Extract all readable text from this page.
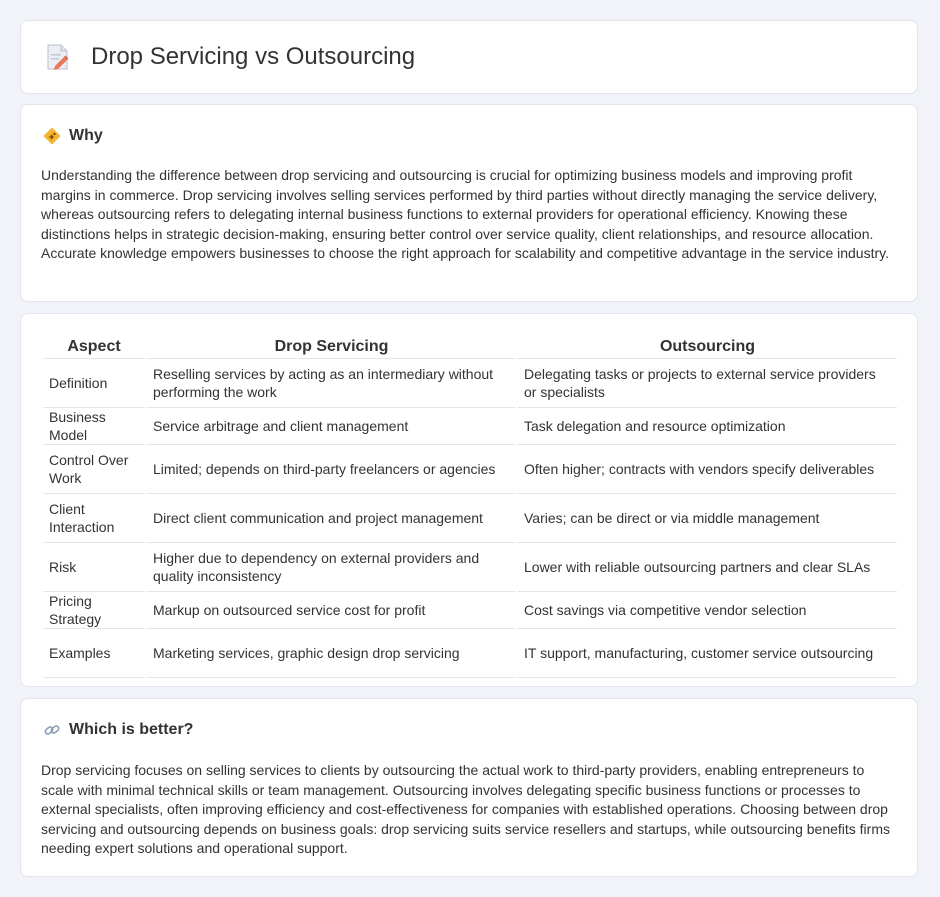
Drop Servicing vs Outsourcing
Why

Understanding the difference between drop servicing and outsourcing is crucial for optimizing business models and improving profit margins in commerce. Drop servicing involves selling services performed by third parties without directly managing the service delivery, whereas outsourcing refers to delegating internal business functions to external providers for operational efficiency. Knowing these distinctions helps in strategic decision-making, ensuring better control over service quality, client relationships, and resource allocation. Accurate knowledge empowers businesses to choose the right approach for scalability and competitive advantage in the service industry.

Aspect	Drop Servicing	Outsourcing
Definition	Reselling services by acting as an intermediary without performing the work	Delegating tasks or projects to external service providers or specialists
Business Model	Service arbitrage and client management	Task delegation and resource optimization
Control Over Work	Limited; depends on third-party freelancers or agencies	Often higher; contracts with vendors specify deliverables
Client Interaction	Direct client communication and project management	Varies; can be direct or via middle management
Risk	Higher due to dependency on external providers and quality inconsistency	Lower with reliable outsourcing partners and clear SLAs
Pricing Strategy	Markup on outsourced service cost for profit	Cost savings via competitive vendor selection
Examples	Marketing services, graphic design drop servicing	IT support, manufacturing, customer service outsourcing
Which is better?

Drop servicing focuses on selling services to clients by outsourcing the actual work to third-party providers, enabling entrepreneurs to scale with minimal technical skills or team management. Outsourcing involves delegating specific business functions or processes to external specialists, often improving efficiency and cost-effectiveness for companies with established operations. Choosing between drop servicing and outsourcing depends on business goals: drop servicing suits service resellers and startups, while outsourcing benefits firms needing expert solutions and operational support.
